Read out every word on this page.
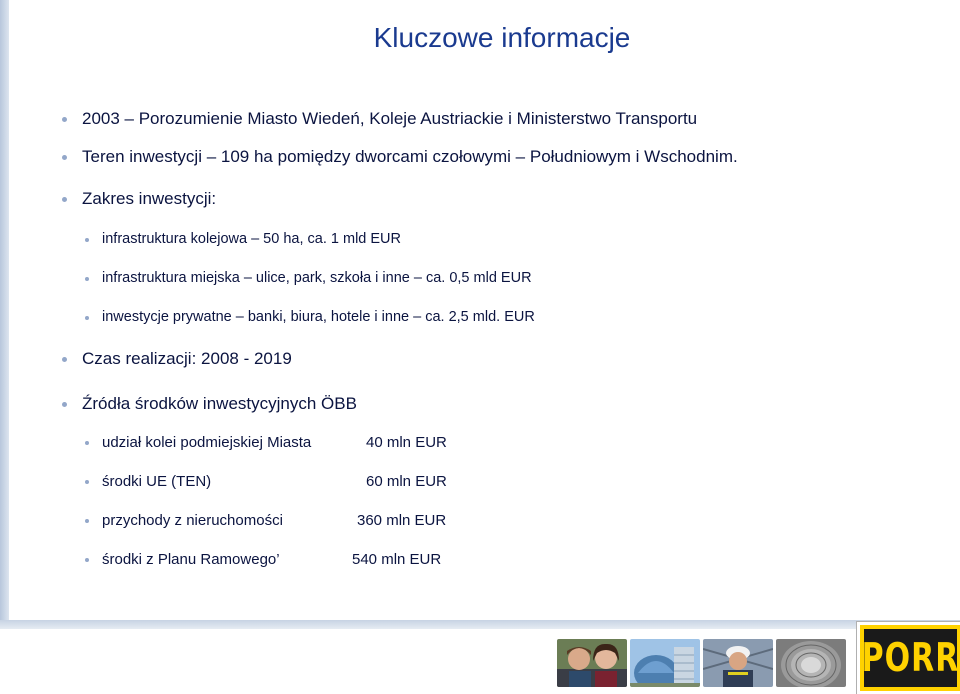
Kluczowe informacje
2003 – Porozumienie Miasto Wiedeń, Koleje Austriackie i Ministerstwo Transportu
Teren inwestycji – 109 ha pomiędzy dworcami czołowymi – Południowym i Wschodnim.
Zakres inwestycji:
infrastruktura kolejowa – 50 ha, ca. 1 mld EUR
infrastruktura miejska – ulice, park, szkoła i inne – ca. 0,5 mld EUR
inwestycje prywatne – banki, biura, hotele i inne – ca. 2,5 mld. EUR
Czas realizacji: 2008 - 2019
Źródła środków inwestycyjnych ÖBB
udział kolei podmiejskiej Miasta	40 mln EUR
środki UE (TEN)	60 mln EUR
przychody z nieruchomości	360 mln EUR
środki z Planu Ramowego’	540 mln EUR
PORR
